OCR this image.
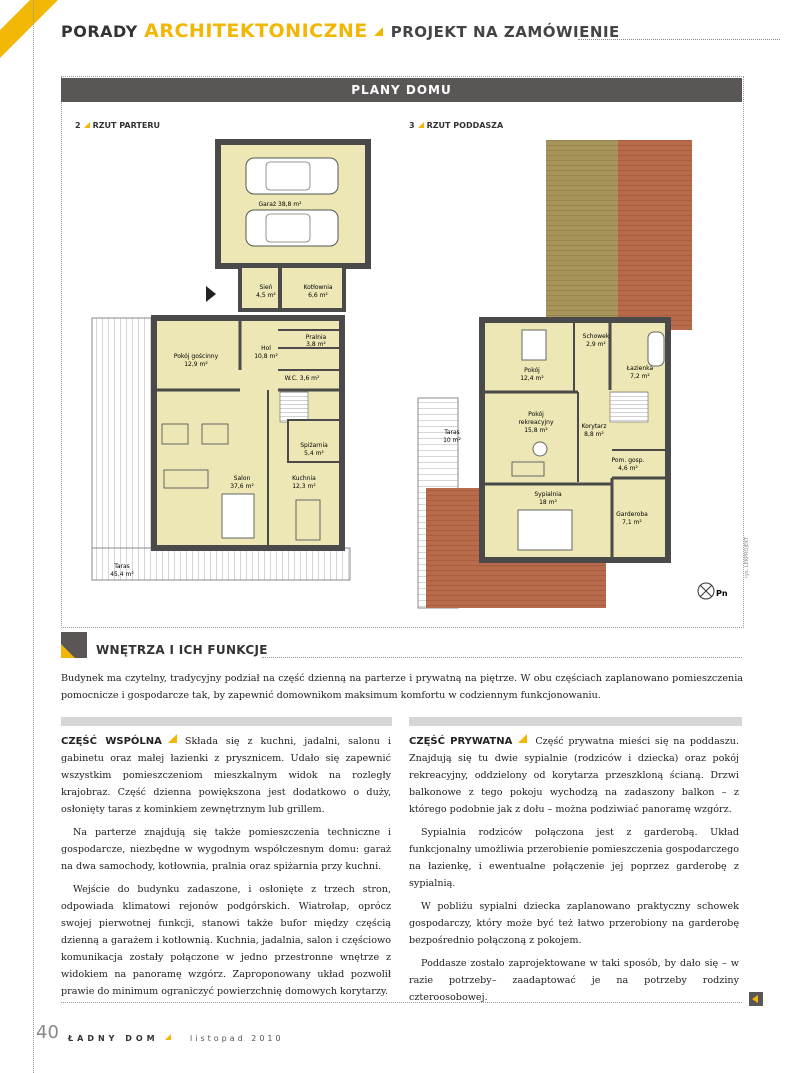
PORADY ARCHITEKTONICZNE PROJEKT NA ZAMÓWIENIE
PLANY DOMU
2 RZUT PARTERU	3 RZUT PODDASZA
Garaż 38,8 m²
Sień
4,5 m²
Kotłownia
6,6 m²
Pralnia
3,8 m²
Hol
10,8 m²
Pokój gościnny
12,9 m²
W.C. 3,6 m²
Spiżarnia
5,4 m²
Salon
37,6 m²
Kuchnia
12,3 m²
Taras
45,4 m²
Pn
Schowek
2,9 m²
Pokój
12,4 m²
Łazienka
7,2 m²
Pokój
rekreacyjny
15,8 m²
Korytarz
8,8 m²
Taras
10 m²
Pom. gosp.
4,6 m²
Sypialnia
18 m²
Garderoba
7,1 m²
rys. LEKPROJEKT
WNĘTRZA I ICH FUNKCJE
Budynek ma czytelny, tradycyjny podział na część dzienną na parterze i prywatną na piętrze. W obu częściach zaplanowano pomieszczenia pomocnicze i gospodarcze tak, by zapewnić domownikom maksimum komfortu w codziennym funkcjonowaniu.

CZĘŚĆ WSPÓLNA Składa się z kuchni, jadalni, salonu i gabinetu oraz małej łazienki z prysznicem. Udało się zapewnić wszystkim pomieszczeniom mieszkalnym widok na rozległy krajobraz. Część dzienna powiększona jest dodatkowo o duży, osłonięty taras z kominkiem zewnętrznym lub grillem.

Na parterze znajdują się także pomieszczenia techniczne i gospodarcze, niezbędne w wygodnym współczesnym domu: garaż na dwa samochody, kotłownia, pralnia oraz spiżarnia przy kuchni.

Wejście do budynku zadaszone, i osłonięte z trzech stron, odpowiada klimatowi rejonów podgórskich. Wiatrołap, oprócz swojej pierwotnej funkcji, stanowi także bufor między częścią dzienną a garażem i kotłownią. Kuchnia, jadalnia, salon i częściowo komunikacja zostały połączone w jedno przestronne wnętrze z widokiem na panoramę wzgórz. Zaproponowany układ pozwolił prawie do minimum ograniczyć powierzchnię domowych korytarzy.

CZĘŚĆ PRYWATNA Część prywatna mieści się na poddaszu. Znajdują się tu dwie sypialnie (rodziców i dziecka) oraz pokój rekreacyjny, oddzielony od korytarza przeszkloną ścianą. Drzwi balkonowe z tego pokoju wychodzą na zadaszony balkon – z którego podobnie jak z dołu – można podziwiać panoramę wzgórz.

Sypialnia rodziców połączona jest z garderobą. Układ funkcjonalny umożliwia przerobienie pomieszczenia gospodarczego na łazienkę, i ewentualne połączenie jej poprzez garderobę z sypialnią.

W pobliżu sypialni dziecka zaplanowano praktyczny schowek gospodarczy, który może być też łatwo przerobiony na garderobę bezpośrednio połączoną z pokojem.

Poddasze zostało zaprojektowane w taki sposób, by dało się – w razie potrzeby– zaadaptować je na potrzeby rodziny czteroosobowej.

40 ŁADNY DOM	listopad 2010
